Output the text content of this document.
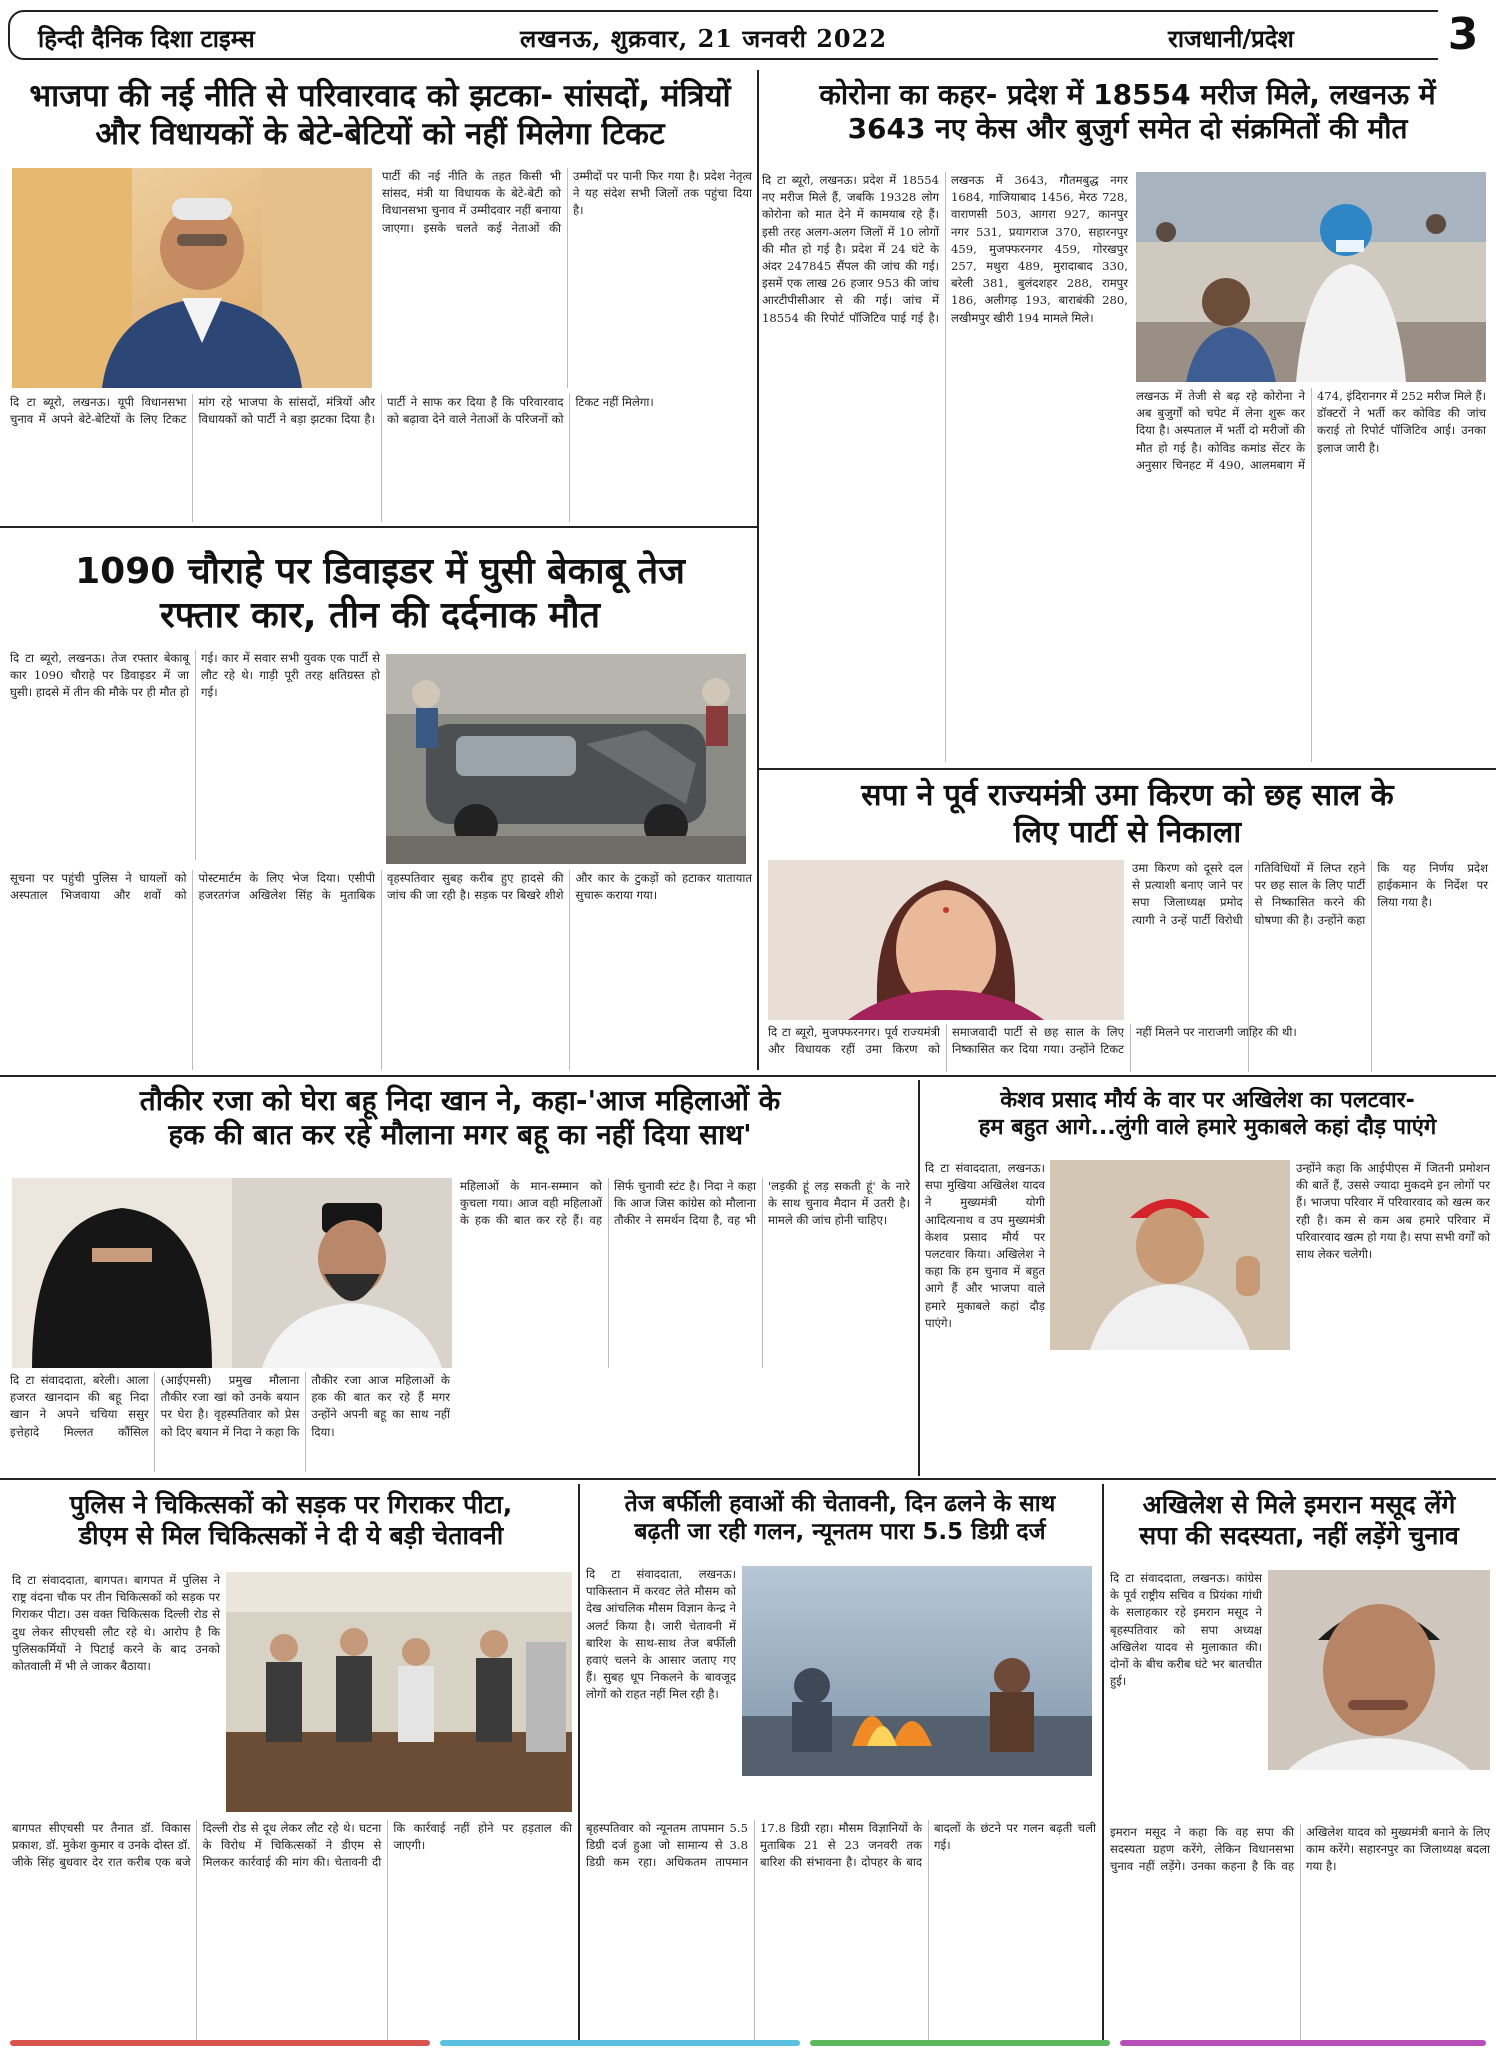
हिन्दी दैनिक दिशा टाइम्स	लखनऊ, शुक्रवार, 21 जनवरी 2022	राजधानी/प्रदेश	3
भाजपा की नई नीति से परिवारवाद को झटका- सांसदों, मंत्रियों
और विधायकों के बेटे-बेटियों को नहीं मिलेगा टिकट

पार्टी की नई नीति के तहत किसी भी सांसद, मंत्री या विधायक के बेटे-बेटी को विधानसभा चुनाव में उम्मीदवार नहीं बनाया जाएगा। इसके चलते कई नेताओं की उम्मीदों पर पानी फिर गया है। प्रदेश नेतृत्व ने यह संदेश सभी जिलों तक पहुंचा दिया है।

दि टा ब्यूरो, लखनऊ। यूपी विधानसभा चुनाव में अपने बेटे-बेटियों के लिए टिकट मांग रहे भाजपा के सांसदों, मंत्रियों और विधायकों को पार्टी ने बड़ा झटका दिया है। पार्टी ने साफ कर दिया है कि परिवारवाद को बढ़ावा देने वाले नेताओं के परिजनों को टिकट नहीं मिलेगा।

1090 चौराहे पर डिवाइडर में घुसी बेकाबू तेज
रफ्तार कार, तीन की दर्दनाक मौत

दि टा ब्यूरो, लखनऊ। तेज रफ्तार बेकाबू कार 1090 चौराहे पर डिवाइडर में जा घुसी। हादसे में तीन की मौके पर ही मौत हो गई। कार में सवार सभी युवक एक पार्टी से लौट रहे थे। गाड़ी पूरी तरह क्षतिग्रस्त हो गई।

सूचना पर पहुंची पुलिस ने घायलों को अस्पताल भिजवाया और शवों को पोस्टमार्टम के लिए भेज दिया। एसीपी हजरतगंज अखिलेश सिंह के मुताबिक वृहस्पतिवार सुबह करीब हुए हादसे की जांच की जा रही है। सड़क पर बिखरे शीशे और कार के टुकड़ों को हटाकर यातायात सुचारू कराया गया।

कोरोना का कहर- प्रदेश में 18554 मरीज मिले, लखनऊ में
3643 नए केस और बुजुर्ग समेत दो संक्रमितों की मौत

दि टा ब्यूरो, लखनऊ। प्रदेश में 18554 नए मरीज मिले हैं, जबकि 19328 लोग कोरोना को मात देने में कामयाब रहे हैं। इसी तरह अलग-अलग जिलों में 10 लोगों की मौत हो गई है। प्रदेश में 24 घंटे के अंदर 247845 सैंपल की जांच की गई। इसमें एक लाख 26 हजार 953 की जांच आरटीपीसीआर से की गई। जांच में 18554 की रिपोर्ट पॉजिटिव पाई गई है। लखनऊ में 3643, गौतमबुद्ध नगर 1684, गाजियाबाद 1456, मेरठ 728, वाराणसी 503, आगरा 927, कानपुर नगर 531, प्रयागराज 370, सहारनपुर 459, मुजफ्फरनगर 459, गोरखपुर 257, मथुरा 489, मुरादाबाद 330, बरेली 381, बुलंदशहर 288, रामपुर 186, अलीगढ़ 193, बाराबंकी 280, लखीमपुर खीरी 194 मामले मिले।

लखनऊ में तेजी से बढ़ रहे कोरोना ने अब बुजुर्गों को चपेट में लेना शुरू कर दिया है। अस्पताल में भर्ती दो मरीजों की मौत हो गई है। कोविड कमांड सेंटर के अनुसार चिनहट में 490, आलमबाग में 474, इंदिरानगर में 252 मरीज मिले हैं। डॉक्टरों ने भर्ती कर कोविड की जांच कराई तो रिपोर्ट पॉजिटिव आई। उनका इलाज जारी है।

सपा ने पूर्व राज्यमंत्री उमा किरण को छह साल के
लिए पार्टी से निकाला

दि टा ब्यूरो, मुजफ्फरनगर। पूर्व राज्यमंत्री और विधायक रहीं उमा किरण को समाजवादी पार्टी से छह साल के लिए निष्कासित कर दिया गया। उन्होंने टिकट नहीं मिलने पर नाराजगी जाहिर की थी।

उमा किरण को दूसरे दल से प्रत्याशी बनाए जाने पर सपा जिलाध्यक्ष प्रमोद त्यागी ने उन्हें पार्टी विरोधी गतिविधियों में लिप्त रहने पर छह साल के लिए पार्टी से निष्कासित करने की घोषणा की है। उन्होंने कहा कि यह निर्णय प्रदेश हाईकमान के निर्देश पर लिया गया है।

तौकीर रजा को घेरा बहू निदा खान ने, कहा-'आज महिलाओं के
हक की बात कर रहे मौलाना मगर बहू का नहीं दिया साथ'

महिलाओं के मान-सम्मान को कुचला गया। आज वही महिलाओं के हक की बात कर रहे हैं। वह सिर्फ चुनावी स्टंट है। निदा ने कहा कि आज जिस कांग्रेस को मौलाना तौकीर ने समर्थन दिया है, वह भी 'लड़की हूं लड़ सकती हूं' के नारे के साथ चुनाव मैदान में उतरी है। मामले की जांच होनी चाहिए।

दि टा संवाददाता, बरेली। आला हजरत खानदान की बहू निदा खान ने अपने चचिया ससुर इत्तेहादे मिल्लत कौंसिल (आईएमसी) प्रमुख मौलाना तौकीर रजा खां को उनके बयान पर घेरा है। वृहस्पतिवार को प्रेस को दिए बयान में निदा ने कहा कि तौकीर रजा आज महिलाओं के हक की बात कर रहे हैं मगर उन्होंने अपनी बहू का साथ नहीं दिया।

केशव प्रसाद मौर्य के वार पर अखिलेश का पलटवार-
हम बहुत आगे...लुंगी वाले हमारे मुकाबले कहां दौड़ पाएंगे

दि टा संवाददाता, लखनऊ। सपा मुखिया अखिलेश यादव ने मुख्यमंत्री योगी आदित्यनाथ व उप मुख्यमंत्री केशव प्रसाद मौर्य पर पलटवार किया। अखिलेश ने कहा कि हम चुनाव में बहुत आगे हैं और भाजपा वाले हमारे मुकाबले कहां दौड़ पाएंगे।

उन्होंने कहा कि आईपीएस में जितनी प्रमोशन की बातें हैं, उससे ज्यादा मुकदमे इन लोगों पर हैं। भाजपा परिवार में परिवारवाद को खत्म कर रही है। कम से कम अब हमारे परिवार में परिवारवाद खत्म हो गया है। सपा सभी वर्गों को साथ लेकर चलेगी।

पुलिस ने चिकित्सकों को सड़क पर गिराकर पीटा,
डीएम से मिल चिकित्सकों ने दी ये बड़ी चेतावनी

दि टा संवाददाता, बागपत। बागपत में पुलिस ने राष्ट्र वंदना चौक पर तीन चिकित्सकों को सड़क पर गिराकर पीटा। उस वक्त चिकित्सक दिल्ली रोड से दुध लेकर सीएचसी लौट रहे थे। आरोप है कि पुलिसकर्मियों ने पिटाई करने के बाद उनको कोतवाली में भी ले जाकर बैठाया।

बागपत सीएचसी पर तैनात डॉ. विकास प्रकाश, डॉ. मुकेश कुमार व उनके दोस्त डॉ. जीके सिंह बुधवार देर रात करीब एक बजे दिल्ली रोड से दूध लेकर लौट रहे थे। घटना के विरोध में चिकित्सकों ने डीएम से मिलकर कार्रवाई की मांग की। चेतावनी दी कि कार्रवाई नहीं होने पर हड़ताल की जाएगी।

तेज बर्फीली हवाओं की चेतावनी, दिन ढलने के साथ
बढ़ती जा रही गलन, न्यूनतम पारा 5.5 डिग्री दर्ज

दि टा संवाददाता, लखनऊ। पाकिस्तान में करवट लेते मौसम को देख आंचलिक मौसम विज्ञान केन्द्र ने अलर्ट किया है। जारी चेतावनी में बारिश के साथ-साथ तेज बर्फीली हवाएं चलने के आसार जताए गए हैं। सुबह धूप निकलने के बावजूद लोगों को राहत नहीं मिल रही है।

बृहस्पतिवार को न्यूनतम तापमान 5.5 डिग्री दर्ज हुआ जो सामान्य से 3.8 डिग्री कम रहा। अधिकतम तापमान 17.8 डिग्री रहा। मौसम विज्ञानियों के मुताबिक 21 से 23 जनवरी तक बारिश की संभावना है। दोपहर के बाद बादलों के छंटने पर गलन बढ़ती चली गई।

अखिलेश से मिले इमरान मसूद लेंगे
सपा की सदस्यता, नहीं लड़ेंगे चुनाव

दि टा संवाददाता, लखनऊ। कांग्रेस के पूर्व राष्ट्रीय सचिव व प्रियंका गांधी के सलाहकार रहे इमरान मसूद ने बृहस्पतिवार को सपा अध्यक्ष अखिलेश यादव से मुलाकात की। दोनों के बीच करीब घंटे भर बातचीत हुई।

इमरान मसूद ने कहा कि वह सपा की सदस्यता ग्रहण करेंगे, लेकिन विधानसभा चुनाव नहीं लड़ेंगे। उनका कहना है कि वह अखिलेश यादव को मुख्यमंत्री बनाने के लिए काम करेंगे। सहारनपुर का जिलाध्यक्ष बदला गया है।
